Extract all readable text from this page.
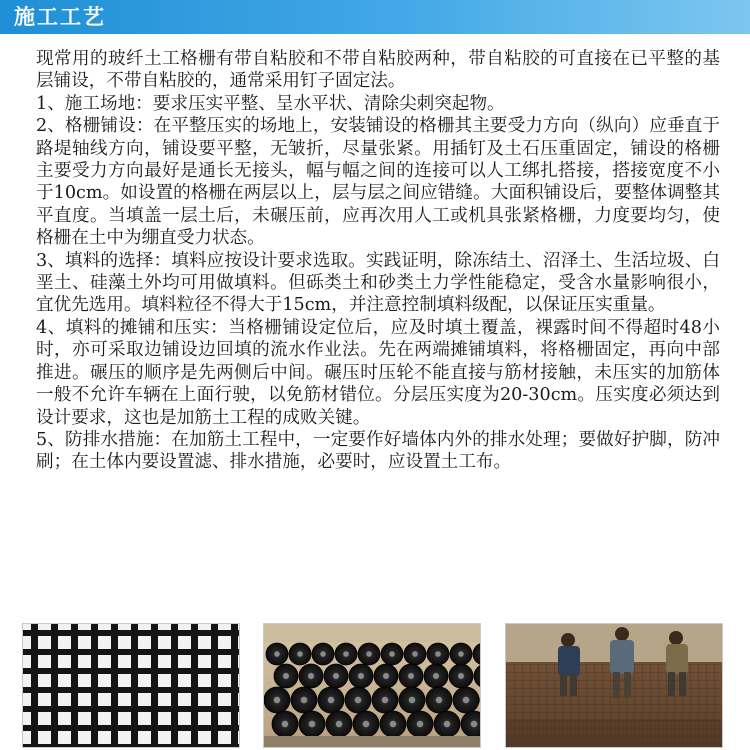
施工工艺

现常用的玻纤土工格栅有带自粘胶和不带自粘胶两种，带自粘胶的可直接在已平整的基层铺设，不带自粘胶的，通常采用钉子固定法。

1、施工场地：要求压实平整、呈水平状、清除尖刺突起物。

2、格栅铺设：在平整压实的场地上，安装铺设的格栅其主要受力方向（纵向）应垂直于路堤轴线方向，铺设要平整，无皱折，尽量张紧。用插钉及土石压重固定，铺设的格栅主要受力方向最好是通长无接头，幅与幅之间的连接可以人工绑扎搭接，搭接宽度不小于10cm。如设置的格栅在两层以上，层与层之间应错缝。大面积铺设后，要整体调整其平直度。当填盖一层土后，未碾压前，应再次用人工或机具张紧格栅，力度要均匀，使格栅在土中为绷直受力状态。

3、填料的选择：填料应按设计要求选取。实践证明，除冻结土、沼泽土、生活垃圾、白垩土、硅藻土外均可用做填料。但砾类土和砂类土力学性能稳定，受含水量影响很小，宜优先选用。填料粒径不得大于15cm，并注意控制填料级配，以保证压实重量。

4、填料的摊铺和压实：当格栅铺设定位后，应及时填土覆盖，裸露时间不得超时48小时，亦可采取边铺设边回填的流水作业法。先在两端摊铺填料，将格栅固定，再向中部推进。碾压的顺序是先两侧后中间。碾压时压轮不能直接与筋材接触，未压实的加筋体一般不允许车辆在上面行驶，以免筋材错位。分层压实度为20-30cm。压实度必须达到设计要求，这也是加筋土工程的成败关键。

5、防排水措施：在加筋土工程中，一定要作好墙体内外的排水处理；要做好护脚，防冲刷；在土体内要设置滤、排水措施，必要时，应设置土工布。
